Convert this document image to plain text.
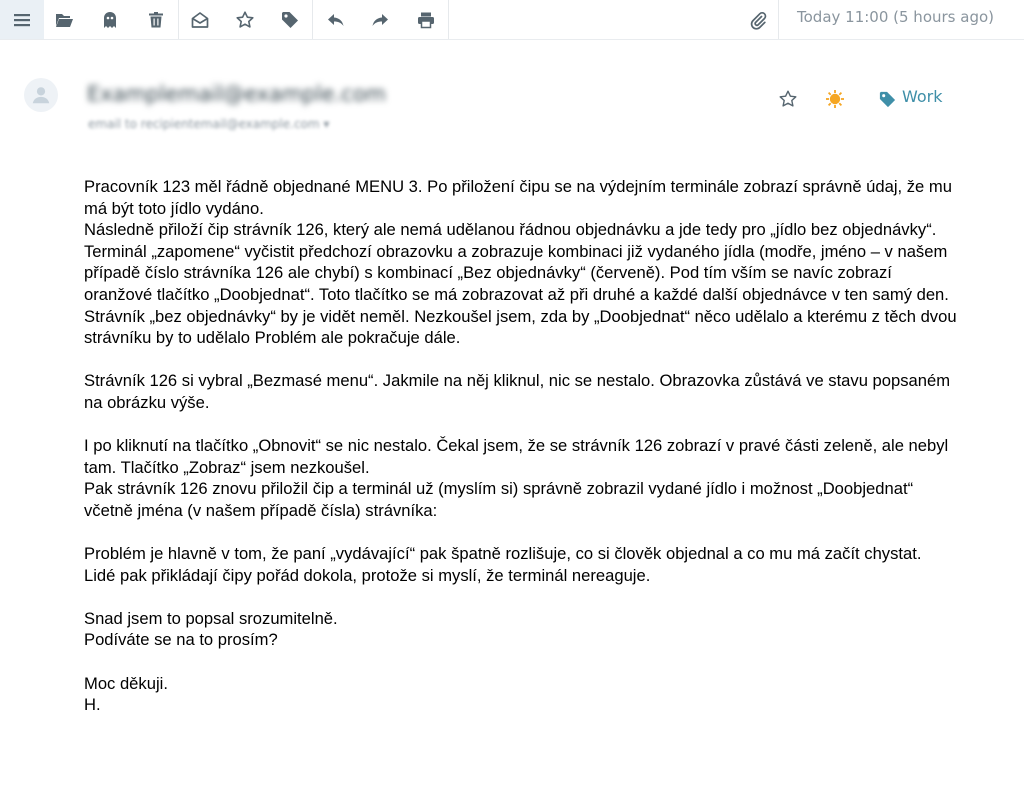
Today 11:00 (5 hours ago)
Examplemail@example.com
email to recipientemail@example.com ▾
Work

Pracovník 123 měl řádně objednané MENU 3. Po přiložení čipu se na výdejním terminále zobrazí správně údaj, že mu má být toto jídlo vydáno.
Následně přiloží čip strávník 126, který ale nemá udělanou řádnou objednávku a jde tedy pro „jídlo bez objednávky“.
Terminál „zapomene“ vyčistit předchozí obrazovku a zobrazuje kombinaci již vydaného jídla (modře, jméno – v našem případě číslo strávníka 126 ale chybí) s kombinací „Bez objednávky“ (červeně). Pod tím vším se navíc zobrazí oranžové tlačítko „Doobjednat“. Toto tlačítko se má zobrazovat až při druhé a každé další objednávce v ten samý den. Strávník „bez objednávky“ by je vidět neměl. Nezkoušel jsem, zda by „Doobjednat“ něco udělalo a kterému z těch dvou strávníku by to udělalo Problém ale pokračuje dále.

Strávník 126 si vybral „Bezmasé menu“. Jakmile na něj kliknul, nic se nestalo. Obrazovka zůstává ve stavu popsaném na obrázku výše.

I po kliknutí na tlačítko „Obnovit“ se nic nestalo. Čekal jsem, že se strávník 126 zobrazí v pravé části zeleně, ale nebyl tam. Tlačítko „Zobraz“ jsem nezkoušel.
Pak strávník 126 znovu přiložil čip a terminál už (myslím si) správně zobrazil vydané jídlo i možnost „Doobjednat“ včetně jména (v našem případě čísla) strávníka:

Problém je hlavně v tom, že paní „vydávající“ pak špatně rozlišuje, co si člověk objednal a co mu má začít chystat.
Lidé pak přikládají čipy pořád dokola, protože si myslí, že terminál nereaguje.

Snad jsem to popsal srozumitelně.
Podíváte se na to prosím?

Moc děkuji.
H.
